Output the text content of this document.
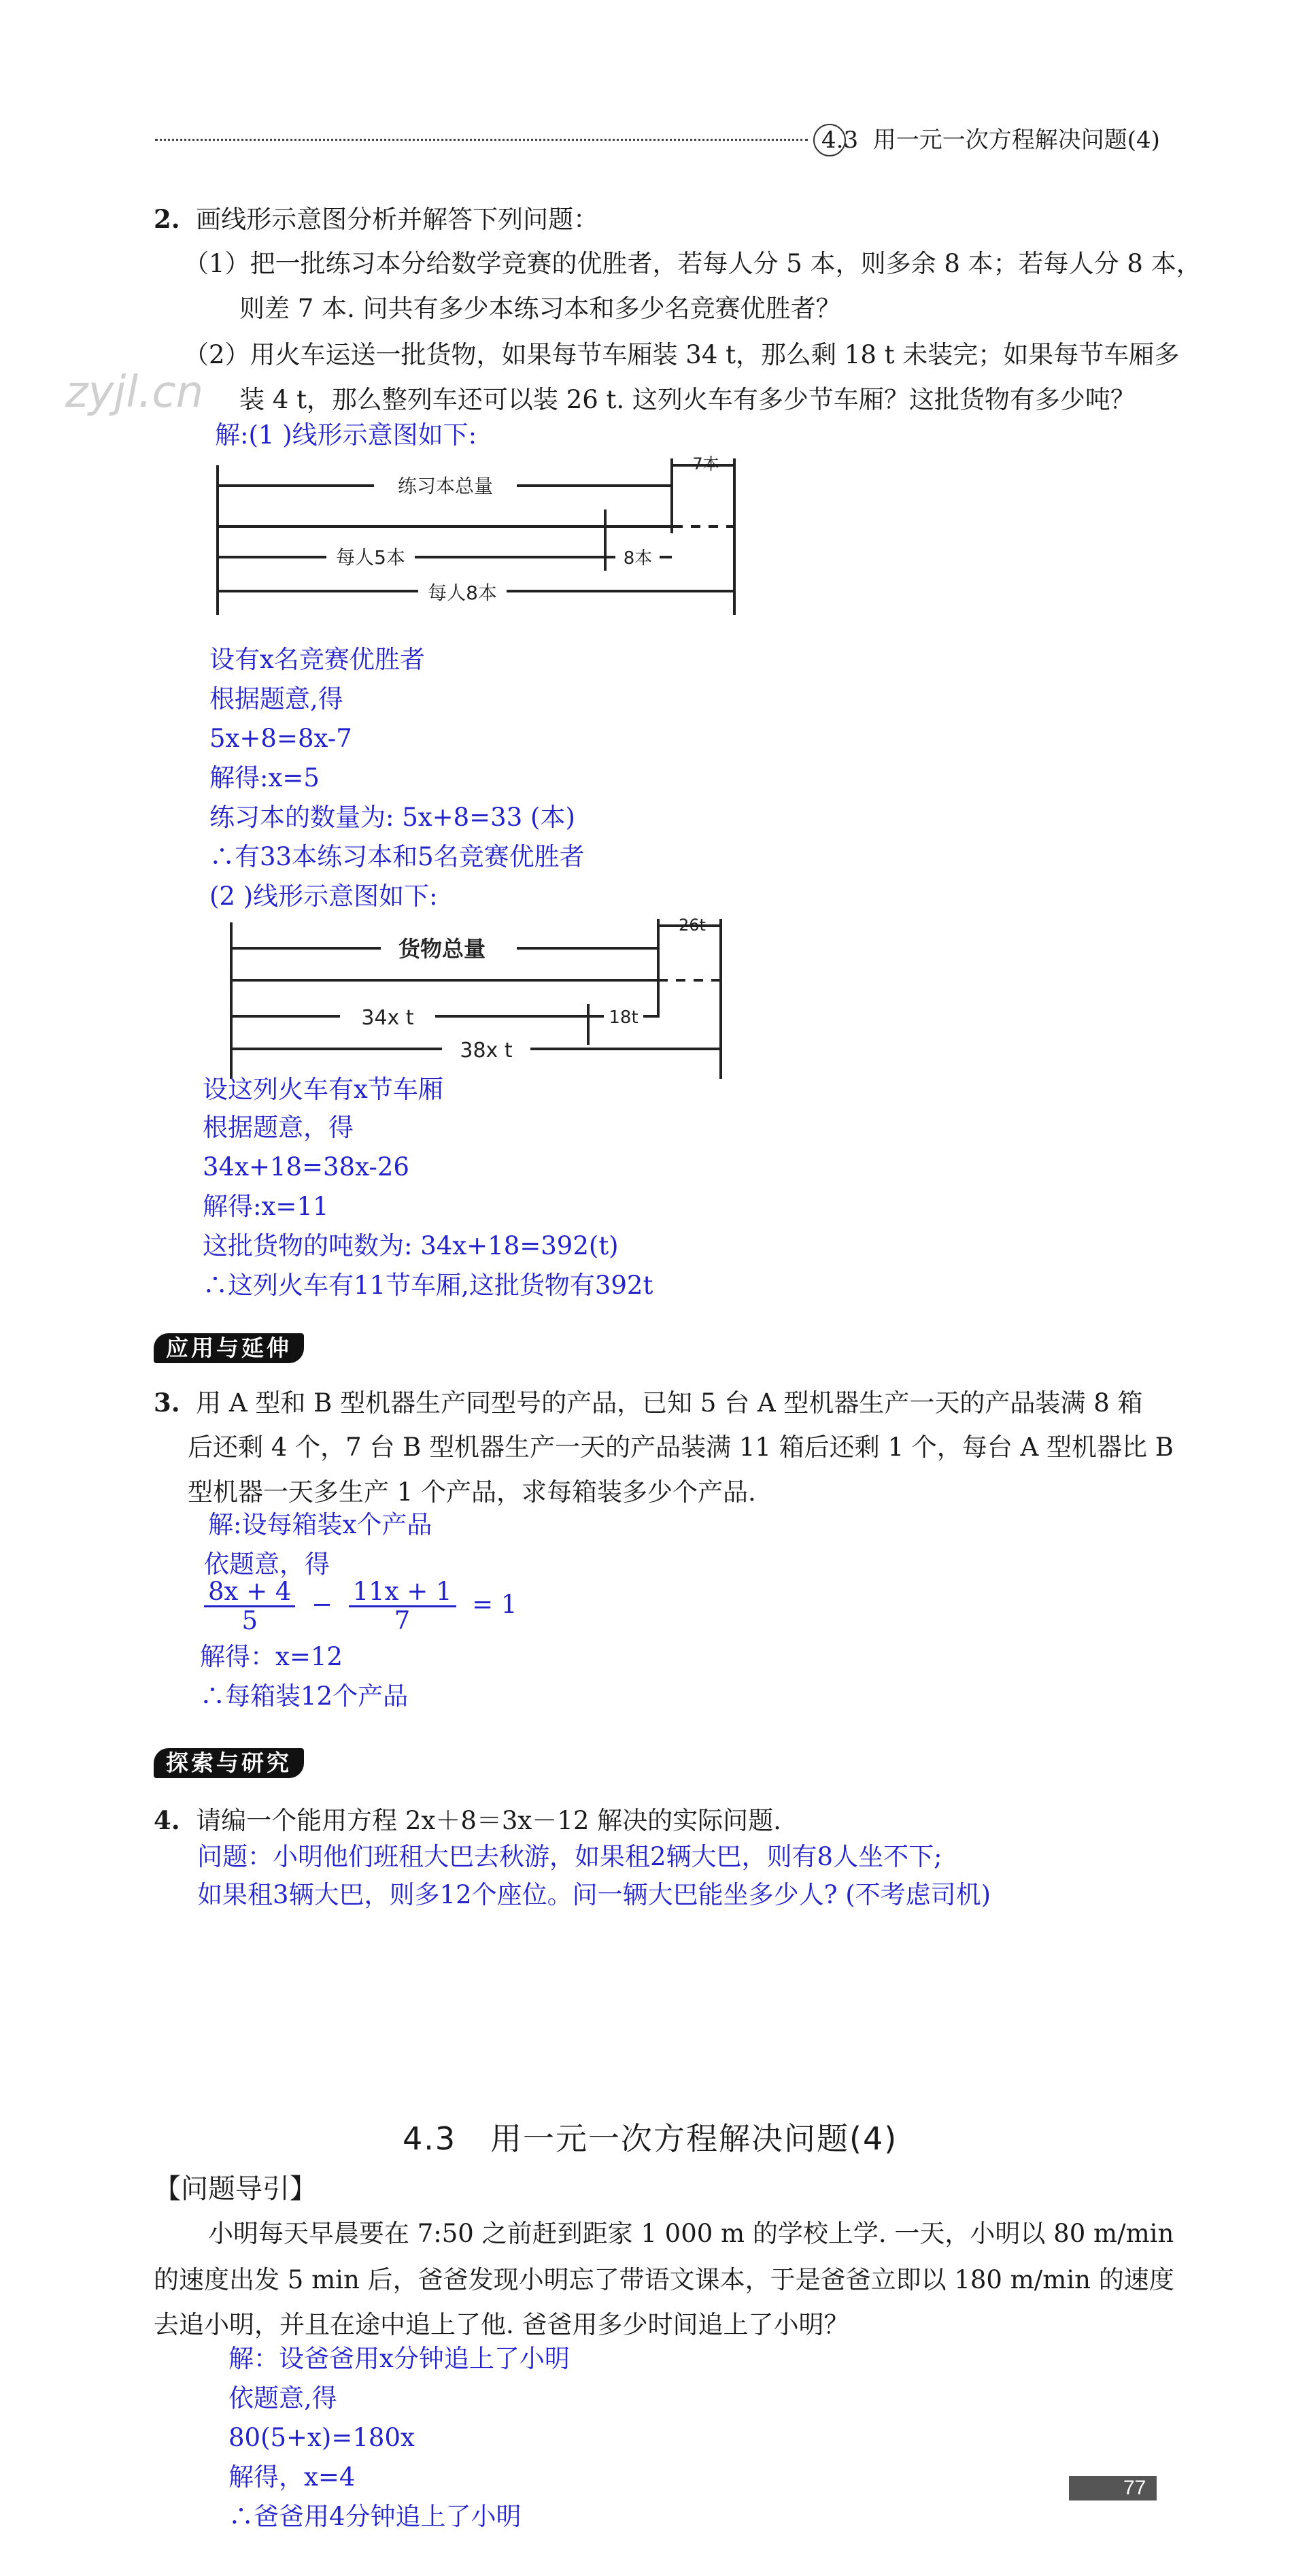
4.3 用一元一次方程解决问题(4)
zyjl.cn
2. 画线形示意图分析并解答下列问题：
（1）把一批练习本分给数学竞赛的优胜者，若每人分 5 本，则多余 8 本；若每人分 8 本，
则差 7 本. 问共有多少本练习本和多少名竞赛优胜者？
（2）用火车运送一批货物，如果每节车厢装 34 t，那么剩 18 t 未装完；如果每节车厢多
装 4 t，那么整列车还可以装 26 t. 这列火车有多少节车厢？这批货物有多少吨？
解:(1 )线形示意图如下:
练习本总量
7本
每人5本	8本
每人8本
设有x名竞赛优胜者
根据题意,得
5x+8=8x-7
解得:x=5
练习本的数量为: 5x+8=33 (本)
∴有33本练习本和5名竞赛优胜者
(2 )线形示意图如下:
货物总量
26t
34x t	18t
38x t
设这列火车有x节车厢
根据题意，得
34x+18=38x-26
解得:x=11
这批货物的吨数为: 34x+18=392(t)
∴这列火车有11节车厢,这批货物有392t
应用与延伸
3. 用 A 型和 B 型机器生产同型号的产品，已知 5 台 A 型机器生产一天的产品装满 8 箱
后还剩 4 个，7 台 B 型机器生产一天的产品装满 11 箱后还剩 1 个，每台 A 型机器比 B
型机器一天多生产 1 个产品，求每箱装多少个产品.
解:设每箱装x个产品
依题意，得
$\frac{8x + 4}{5} - \frac{11x + 1}{7} = 1$
解得：x=12
∴每箱装12个产品
探索与研究
4. 请编一个能用方程 2x＋8＝3x－12 解决的实际问题.
问题：小明他们班租大巴去秋游，如果租2辆大巴，则有8人坐不下;
如果租3辆大巴，则多12个座位。问一辆大巴能坐多少人? (不考虑司机)
4.3 用一元一次方程解决问题(4)
【问题导引】
小明每天早晨要在 7:50 之前赶到距家 1 000 m 的学校上学. 一天，小明以 80 m/min
的速度出发 5 min 后，爸爸发现小明忘了带语文课本，于是爸爸立即以 180 m/min 的速度
去追小明，并且在途中追上了他. 爸爸用多少时间追上了小明？
解：设爸爸用x分钟追上了小明
依题意,得
80(5+x)=180x
解得，x=4
∴爸爸用4分钟追上了小明
77
